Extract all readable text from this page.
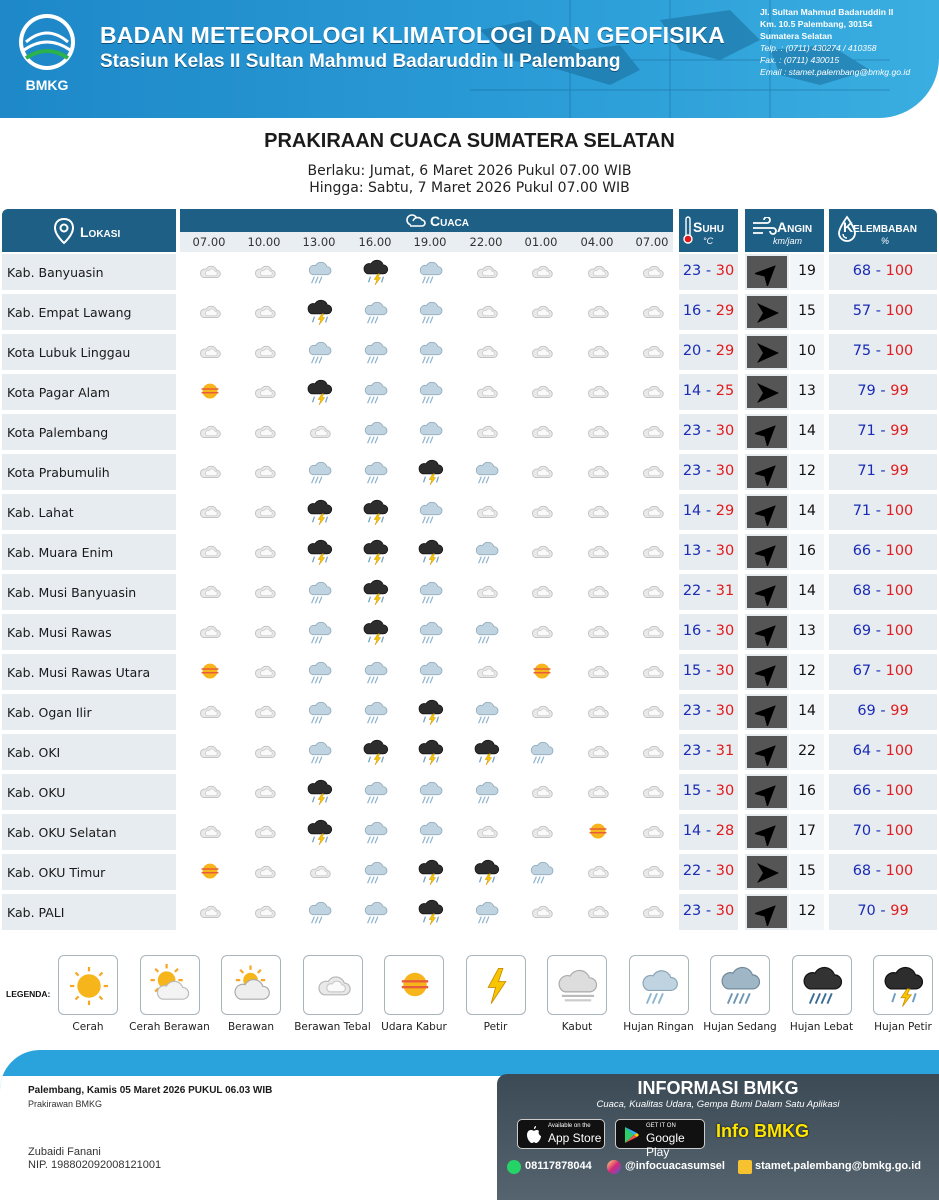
BMKG
BADAN METEOROLOGI KLIMATOLOGI DAN GEOFISIKA
Stasiun Kelas II Sultan Mahmud Badaruddin II Palembang
Jl. Sultan Mahmud Badaruddin II
Km. 10.5 Palembang, 30154
Sumatera Selatan
Telp. : (0711) 430274 / 410358
Fax. : (0711) 430015
Email : stamet.palembang@bmkg.go.id
PRAKIRAAN CUACA SUMATERA SELATAN
Berlaku: Jumat, 6 Maret 2026 Pukul 07.00 WIB
Hingga: Sabtu, 7 Maret 2026 Pukul 07.00 WIB
Lokasi
Cuaca
07.00	10.00	13.00	16.00	19.00	22.00	01.00	04.00	07.00
Suhu
°C
Angin
km/jam
Kelembaban
%
Kab. Banyuasin	23 - 30	19	68 - 100
Kab. Empat Lawang	16 - 29	15	57 - 100
Kota Lubuk Linggau	20 - 29	10	75 - 100
Kota Pagar Alam	14 - 25	13	79 - 99
Kota Palembang	23 - 30	14	71 - 99
Kota Prabumulih	23 - 30	12	71 - 99
Kab. Lahat	14 - 29	14	71 - 100
Kab. Muara Enim	13 - 30	16	66 - 100
Kab. Musi Banyuasin	22 - 31	14	68 - 100
Kab. Musi Rawas	16 - 30	13	69 - 100
Kab. Musi Rawas Utara	15 - 30	12	67 - 100
Kab. Ogan Ilir	23 - 30	14	69 - 99
Kab. OKI	23 - 31	22	64 - 100
Kab. OKU	15 - 30	16	66 - 100
Kab. OKU Selatan	14 - 28	17	70 - 100
Kab. OKU Timur	22 - 30	15	68 - 100
Kab. PALI	23 - 30	12	70 - 99
LEGENDA:
Cerah	Cerah Berawan	Berawan	Berawan Tebal Udara Kabur	Petir	Kabut	Hujan Ringan Hujan Sedang	Hujan Lebat	Hujan Petir
Palembang, Kamis 05 Maret 2026 PUKUL 06.03 WIB
Prakirawan BMKG
Zubaidi Fanani
NIP. 198802092008121001
INFORMASI BMKG
Cuaca, Kualitas Udara, Gempa Bumi Dalam Satu Aplikasi
Available on the
App Store
GET IT ON
Google Play
Info BMKG
08117878044	@infocuacasumsel	stamet.palembang@bmkg.go.id
